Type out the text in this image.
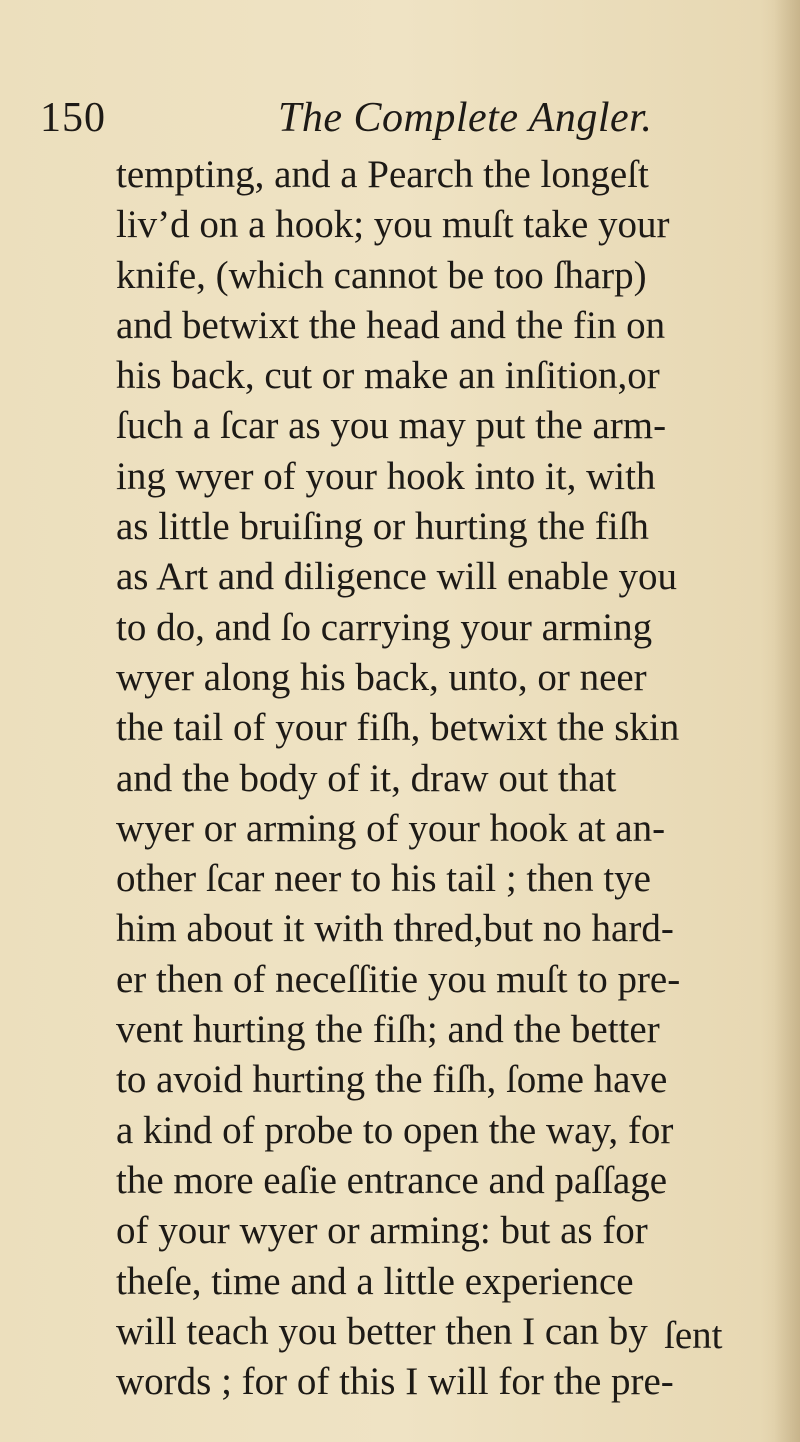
150	The Complete Angler.
tempting, and a Pearch the longeſt
liv’d on a hook; you muſt take your
knife, (which cannot be too ſharp)
and betwixt the head and the fin on
his back, cut or make an inſition,or
ſuch a ſcar as you may put the arm-
ing wyer of your hook into it, with
as little bruiſing or hurting the fiſh
as Art and diligence will enable you
to do, and ſo carrying your arming
wyer along his back, unto, or neer
the tail of your fiſh, betwixt the skin
and the body of it, draw out that
wyer or arming of your hook at an-
other ſcar neer to his tail ; then tye
him about it with thred,but no hard-
er then of neceſſitie you muſt to pre-
vent hurting the fiſh; and the better
to avoid hurting the fiſh, ſome have
a kind of probe to open the way, for
the more eaſie entrance and paſſage
of your wyer or arming: but as for
theſe, time and a little experience
will teach you better then I can by
words ; for of this I will for the pre-
ſent
